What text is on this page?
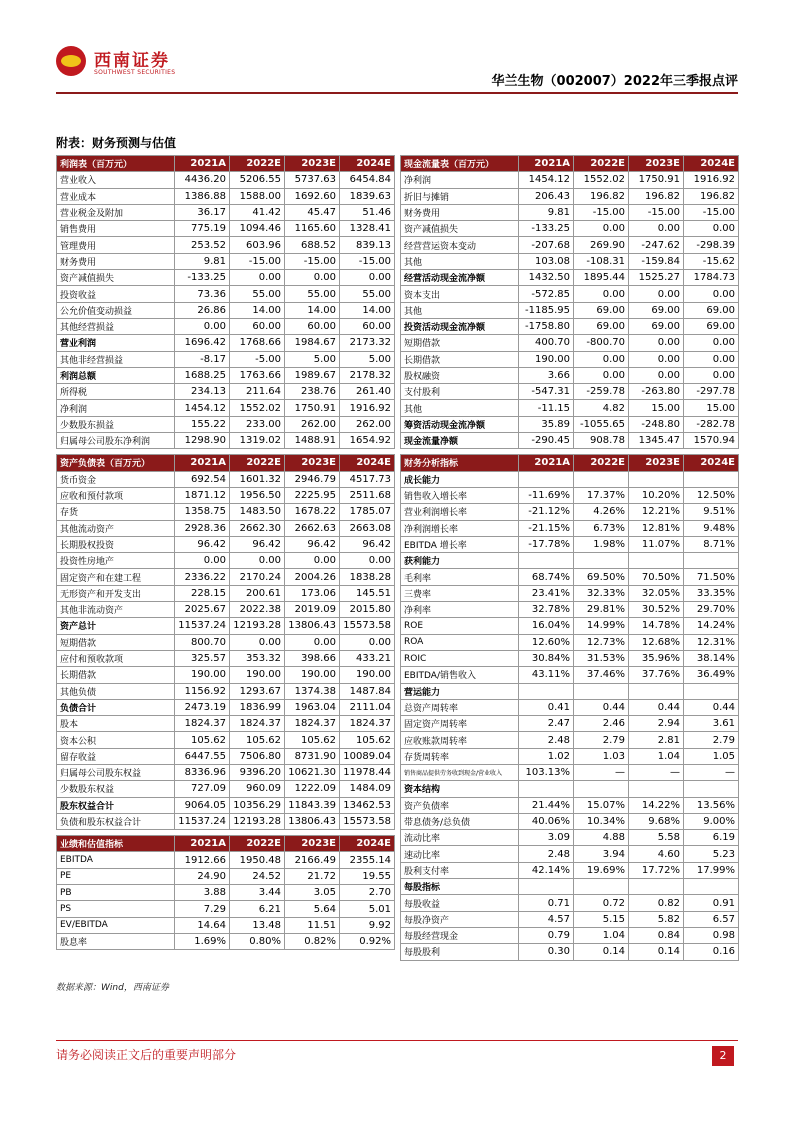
西南证券
SOUTHWEST SECURITIES
华兰生物（002007）2022年三季报点评
附表：财务预测与估值
利润表（百万元）	2021A	2022E	2023E	2024E
营业收入	4436.20	5206.55	5737.63	6454.84
营业成本	1386.88	1588.00	1692.60	1839.63
营业税金及附加	36.17	41.42	45.47	51.46
销售费用	775.19	1094.46	1165.60	1328.41
管理费用	253.52	603.96	688.52	839.13
财务费用	9.81	-15.00	-15.00	-15.00
资产减值损失	-133.25	0.00	0.00	0.00
投资收益	73.36	55.00	55.00	55.00
公允价值变动损益	26.86	14.00	14.00	14.00
其他经营损益	0.00	60.00	60.00	60.00
营业利润	1696.42	1768.66	1984.67	2173.32
其他非经营损益	-8.17	-5.00	5.00	5.00
利润总额	1688.25	1763.66	1989.67	2178.32
所得税	234.13	211.64	238.76	261.40
净利润	1454.12	1552.02	1750.91	1916.92
少数股东损益	155.22	233.00	262.00	262.00
归属母公司股东净利润	1298.90	1319.02	1488.91	1654.92
资产负债表（百万元）	2021A	2022E	2023E	2024E
货币资金	692.54	1601.32	2946.79	4517.73
应收和预付款项	1871.12	1956.50	2225.95	2511.68
存货	1358.75	1483.50	1678.22	1785.07
其他流动资产	2928.36	2662.30	2662.63	2663.08
长期股权投资	96.42	96.42	96.42	96.42
投资性房地产	0.00	0.00	0.00	0.00
固定资产和在建工程	2336.22	2170.24	2004.26	1838.28
无形资产和开发支出	228.15	200.61	173.06	145.51
其他非流动资产	2025.67	2022.38	2019.09	2015.80
资产总计	11537.24	12193.28	13806.43	15573.58
短期借款	800.70	0.00	0.00	0.00
应付和预收款项	325.57	353.32	398.66	433.21
长期借款	190.00	190.00	190.00	190.00
其他负债	1156.92	1293.67	1374.38	1487.84
负债合计	2473.19	1836.99	1963.04	2111.04
股本	1824.37	1824.37	1824.37	1824.37
资本公积	105.62	105.62	105.62	105.62
留存收益	6447.55	7506.80	8731.90	10089.04
归属母公司股东权益	8336.96	9396.20	10621.30	11978.44
少数股东权益	727.09	960.09	1222.09	1484.09
股东权益合计	9064.05	10356.29	11843.39	13462.53
负债和股东权益合计	11537.24	12193.28	13806.43	15573.58
业绩和估值指标	2021A	2022E	2023E	2024E
EBITDA	1912.66	1950.48	2166.49	2355.14
PE	24.90	24.52	21.72	19.55
PB	3.88	3.44	3.05	2.70
PS	7.29	6.21	5.64	5.01
EV/EBITDA	14.64	13.48	11.51	9.92
股息率	1.69%	0.80%	0.82%	0.92%
现金流量表（百万元）	2021A	2022E	2023E	2024E
净利润	1454.12	1552.02	1750.91	1916.92
折旧与摊销	206.43	196.82	196.82	196.82
财务费用	9.81	-15.00	-15.00	-15.00
资产减值损失	-133.25	0.00	0.00	0.00
经营营运资本变动	-207.68	269.90	-247.62	-298.39
其他	103.08	-108.31	-159.84	-15.62
经营活动现金流净额	1432.50	1895.44	1525.27	1784.73
资本支出	-572.85	0.00	0.00	0.00
其他	-1185.95	69.00	69.00	69.00
投资活动现金流净额	-1758.80	69.00	69.00	69.00
短期借款	400.70	-800.70	0.00	0.00
长期借款	190.00	0.00	0.00	0.00
股权融资	3.66	0.00	0.00	0.00
支付股利	-547.31	-259.78	-263.80	-297.78
其他	-11.15	4.82	15.00	15.00
筹资活动现金流净额	35.89	-1055.65	-248.80	-282.78
现金流量净额	-290.45	908.78	1345.47	1570.94
财务分析指标	2021A	2022E	2023E	2024E
成长能力				
销售收入增长率	-11.69%	17.37%	10.20%	12.50%
营业利润增长率	-21.12%	4.26%	12.21%	9.51%
净利润增长率	-21.15%	6.73%	12.81%	9.48%
EBITDA 增长率	-17.78%	1.98%	11.07%	8.71%
获利能力				
毛利率	68.74%	69.50%	70.50%	71.50%
三费率	23.41%	32.33%	32.05%	33.35%
净利率	32.78%	29.81%	30.52%	29.70%
ROE	16.04%	14.99%	14.78%	14.24%
ROA	12.60%	12.73%	12.68%	12.31%
ROIC	30.84%	31.53%	35.96%	38.14%
EBITDA/销售收入	43.11%	37.46%	37.76%	36.49%
营运能力				
总资产周转率	0.41	0.44	0.44	0.44
固定资产周转率	2.47	2.46	2.94	3.61
应收账款周转率	2.48	2.79	2.81	2.79
存货周转率	1.02	1.03	1.04	1.05
销售商品提供劳务收到现金/营业收入	103.13%	—	—	—
资本结构				
资产负债率	21.44%	15.07%	14.22%	13.56%
带息债务/总负债	40.06%	10.34%	9.68%	9.00%
流动比率	3.09	4.88	5.58	6.19
速动比率	2.48	3.94	4.60	5.23
股利支付率	42.14%	19.69%	17.72%	17.99%
每股指标				
每股收益	0.71	0.72	0.82	0.91
每股净资产	4.57	5.15	5.82	6.57
每股经营现金	0.79	1.04	0.84	0.98
每股股利	0.30	0.14	0.14	0.16
数据来源：Wind，西南证券
请务必阅读正文后的重要声明部分	2
